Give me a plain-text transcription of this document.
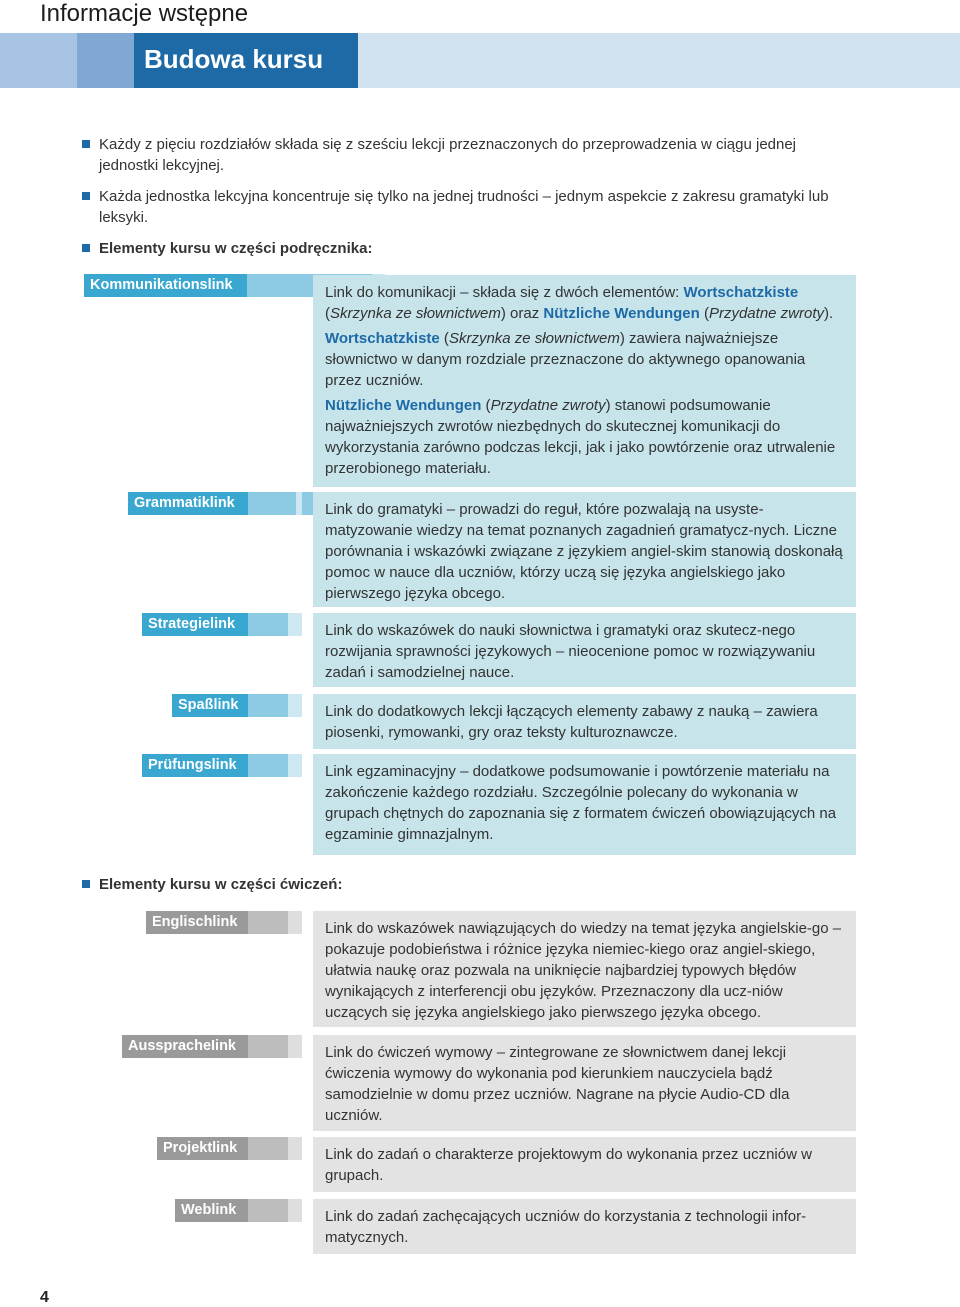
Informacje wstępne
Budowa kursu
Każdy z pięciu rozdziałów składa się z sześciu lekcji przeznaczonych do przeprowadzenia w ciągu jednej jednostki lekcyjnej.
Każda jednostka lekcyjna koncentruje się tylko na jednej trudności – jednym aspekcie z zakresu gramatyki lub leksyki.
Elementy kursu w części podręcznika:
Kommunikationslink	Link do komunikacji – składa się z dwóch elementów: Wortschatzkiste (Skrzynka ze słownictwem) oraz Nützliche Wendungen (Przydatne zwroty).

Wortschatzkiste (Skrzynka ze słownictwem) zawiera najważniejsze słownictwo w danym rozdziale przeznaczone do aktywnego opanowania przez uczniów.

Nützliche Wendungen (Przydatne zwroty) stanowi podsumowanie najważniejszych zwrotów niezbędnych do skutecznej komunikacji do wykorzystania zarówno podczas lekcji, jak i jako powtórzenie oraz utrwalenie przerobionego materiału.

Grammatiklink	Link do gramatyki – prowadzi do reguł, które pozwalają na usyste-matyzowanie wiedzy na temat poznanych zagadnień gramatycz-nych. Liczne porównania i wskazówki związane z językiem angiel-skim stanowią doskonałą pomoc w nauce dla uczniów, którzy uczą się języka angielskiego jako pierwszego języka obcego.
Strategielink	Link do wskazówek do nauki słownictwa i gramatyki oraz skutecz-nego rozwijania sprawności językowych – nieocenione pomoc w rozwiązywaniu zadań i samodzielnej nauce.
Spaßlink	Link do dodatkowych lekcji łączących elementy zabawy z nauką – zawiera piosenki, rymowanki, gry oraz teksty kulturoznawcze.
Prüfungslink	Link egzaminacyjny – dodatkowe podsumowanie i powtórzenie materiału na zakończenie każdego rozdziału. Szczególnie polecany do wykonania w grupach chętnych do zapoznania się z formatem ćwiczeń obowiązujących na egzaminie gimnazjalnym.
Elementy kursu w części ćwiczeń:
Englischlink	Link do wskazówek nawiązujących do wiedzy na temat języka angielskie-go – pokazuje podobieństwa i różnice języka niemiec-kiego oraz angiel-skiego, ułatwia naukę oraz pozwala na uniknięcie najbardziej typowych błędów wynikających z interferencji obu języków. Przeznaczony dla ucz-niów uczących się języka angielskiego jako pierwszego języka obcego.
AusspracheIink	Link do ćwiczeń wymowy – zintegrowane ze słownictwem danej lekcji ćwiczenia wymowy do wykonania pod kierunkiem nauczyciela bądź samodzielnie w domu przez uczniów. Nagrane na płycie Audio-CD dla uczniów.
Projektlink	Link do zadań o charakterze projektowym do wykonania przez uczniów w grupach.
Weblink	Link do zadań zachęcających uczniów do korzystania z technologii infor-matycznych.
4
